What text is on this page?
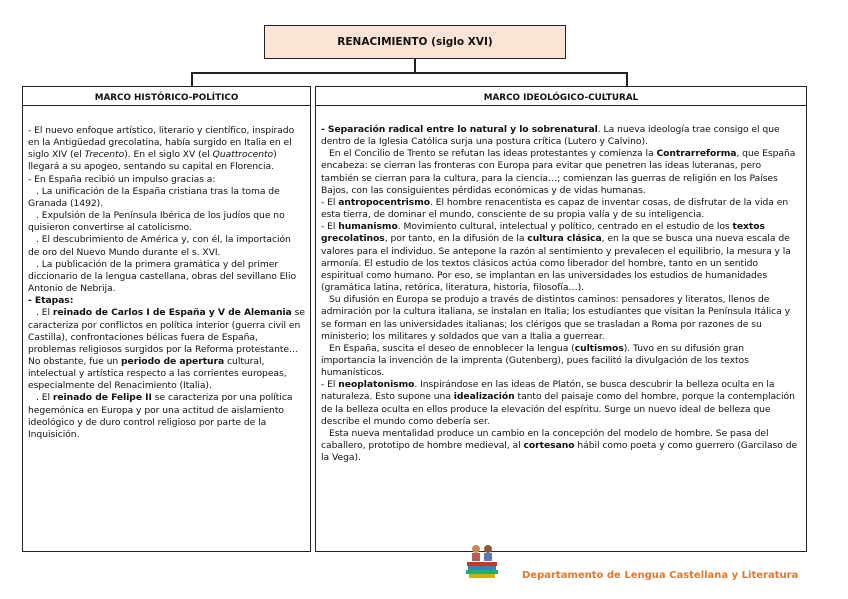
RENACIMIENTO (siglo XVI)
MARCO HISTÓRICO-POLÍTICO

- El nuevo enfoque artístico, literario y científico, inspirado en la Antigüedad grecolatina, había surgido en Italia en el siglo XIV (el Trecento). En el siglo XV (el Quattrocento) llegará a su apogeo, sentando su capital en Florencia.

- En España recibió un impulso gracias a:

. La unificación de la España cristiana tras la toma de Granada (1492).

. Expulsión de la Península Ibérica de los judíos que no quisieron convertirse al catolicismo.

. El descubrimiento de América y, con él, la importación de oro del Nuevo Mundo durante el s. XVI.

. La publicación de la primera gramática y del primer diccionario de la lengua castellana, obras del sevillano Elio Antonio de Nebrija.

- Etapas:

. El reinado de Carlos I de España y V de Alemania se caracteriza por conflictos en política interior (guerra civil en Castilla), confrontaciones bélicas fuera de España, problemas religiosos surgidos por la Reforma protestante… No obstante, fue un periodo de apertura cultural, intelectual y artística respecto a las corrientes europeas, especialmente del Renacimiento (Italia).

. El reinado de Felipe II se caracteriza por una política hegemónica en Europa y por una actitud de aislamiento ideológico y de duro control religioso por parte de la Inquisición.

MARCO IDEOLÓGICO-CULTURAL

- Separación radical entre lo natural y lo sobrenatural. La nueva ideología trae consigo el que dentro de la Iglesia Católica surja una postura crítica (Lutero y Calvino).

En el Concilio de Trento se refutan las ideas protestantes y comienza la Contrarreforma, que España encabeza: se cierran las fronteras con Europa para evitar que penetren las ideas luteranas, pero también se cierran para la cultura, para la ciencia…; comienzan las guerras de religión en los Países Bajos, con las consiguientes pérdidas económicas y de vidas humanas.

- El antropocentrismo. El hombre renacentista es capaz de inventar cosas, de disfrutar de la vida en esta tierra, de dominar el mundo, consciente de su propia valía y de su inteligencia.

- El humanismo. Movimiento cultural, intelectual y político, centrado en el estudio de los textos grecolatinos, por tanto, en la difusión de la cultura clásica, en la que se busca una nueva escala de valores para el individuo. Se antepone la razón al sentimiento y prevalecen el equilibrio, la mesura y la armonía. El estudio de los textos clásicos actúa como liberador del hombre, tanto en un sentido espiritual como humano. Por eso, se implantan en las universidades los estudios de humanidades (gramática latina, retórica, literatura, historia, filosofía…).

Su difusión en Europa se produjo a través de distintos caminos: pensadores y literatos, llenos de admiración por la cultura italiana, se instalan en Italia; los estudiantes que visitan la Península Itálica y se forman en las universidades italianas; los clérigos que se trasladan a Roma por razones de su ministerio; los militares y soldados que van a Italia a guerrear.

En España, suscita el deseo de ennoblecer la lengua (cultismos). Tuvo en su difusión gran importancia la invención de la imprenta (Gutenberg), pues facilitó la divulgación de los textos humanísticos.

- El neoplatonismo. Inspirándose en las ideas de Platón, se busca descubrir la belleza oculta en la naturaleza. Esto supone una idealización tanto del paisaje como del hombre, porque la contemplación de la belleza oculta en ellos produce la elevación del espíritu. Surge un nuevo ideal de belleza que describe el mundo como debería ser.

Esta nueva mentalidad produce un cambio en la concepción del modelo de hombre. Se pasa del caballero, prototipo de hombre medieval, al cortesano hábil como poeta y como guerrero (Garcilaso de la Vega).

Departamento de Lengua Castellana y Literatura
